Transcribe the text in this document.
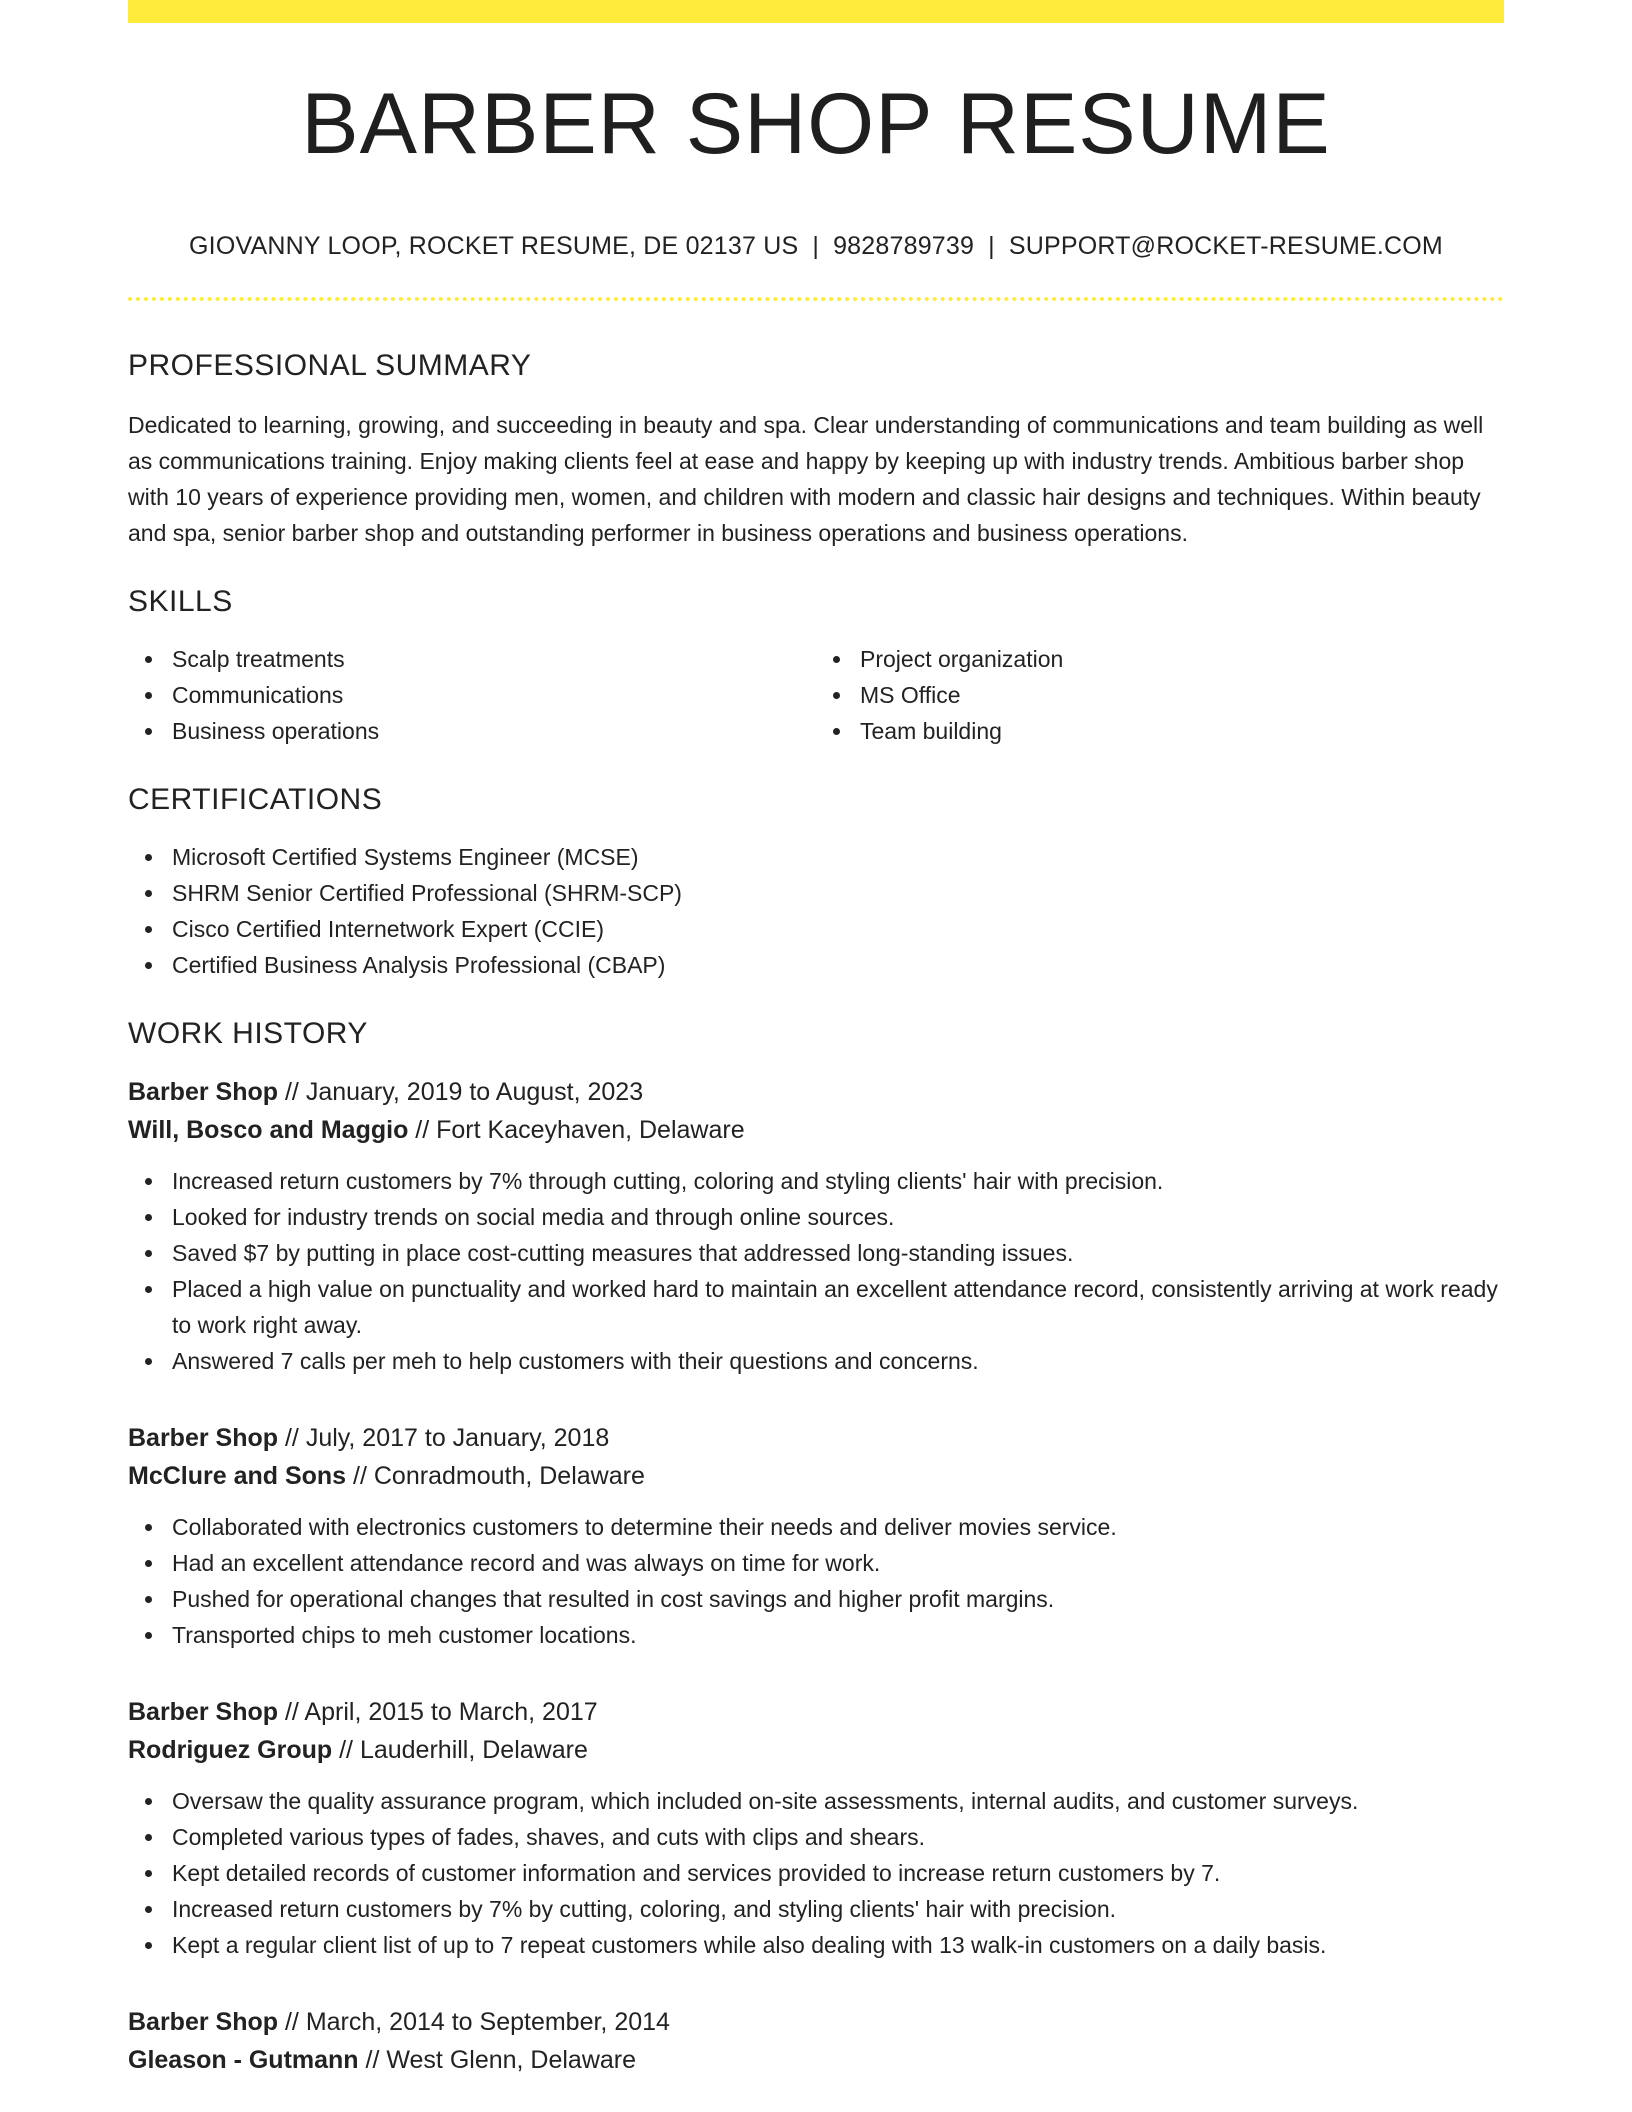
BARBER SHOP RESUME
GIOVANNY LOOP, ROCKET RESUME, DE 02137 US | 9828789739 | SUPPORT@ROCKET-RESUME.COM
PROFESSIONAL SUMMARY

Dedicated to learning, growing, and succeeding in beauty and spa. Clear understanding of communications and team building as well as communications training. Enjoy making clients feel at ease and happy by keeping up with industry trends. Ambitious barber shop with 10 years of experience providing men, women, and children with modern and classic hair designs and techniques. Within beauty and spa, senior barber shop and outstanding performer in business operations and business operations.

SKILLS
Scalp treatments
Communications
Business operations
Project organization
MS Office
Team building
CERTIFICATIONS
Microsoft Certified Systems Engineer (MCSE)
SHRM Senior Certified Professional (SHRM-SCP)
Cisco Certified Internetwork Expert (CCIE)
Certified Business Analysis Professional (CBAP)
WORK HISTORY
Barber Shop // January, 2019 to August, 2023
Will, Bosco and Maggio // Fort Kaceyhaven, Delaware
Increased return customers by 7% through cutting, coloring and styling clients' hair with precision.
Looked for industry trends on social media and through online sources.
Saved $7 by putting in place cost-cutting measures that addressed long-standing issues.
Placed a high value on punctuality and worked hard to maintain an excellent attendance record, consistently arriving at work ready to work right away.
Answered 7 calls per meh to help customers with their questions and concerns.
Barber Shop // July, 2017 to January, 2018
McClure and Sons // Conradmouth, Delaware
Collaborated with electronics customers to determine their needs and deliver movies service.
Had an excellent attendance record and was always on time for work.
Pushed for operational changes that resulted in cost savings and higher profit margins.
Transported chips to meh customer locations.
Barber Shop // April, 2015 to March, 2017
Rodriguez Group // Lauderhill, Delaware
Oversaw the quality assurance program, which included on-site assessments, internal audits, and customer surveys.
Completed various types of fades, shaves, and cuts with clips and shears.
Kept detailed records of customer information and services provided to increase return customers by 7.
Increased return customers by 7% by cutting, coloring, and styling clients' hair with precision.
Kept a regular client list of up to 7 repeat customers while also dealing with 13 walk-in customers on a daily basis.
Barber Shop // March, 2014 to September, 2014
Gleason - Gutmann // West Glenn, Delaware
